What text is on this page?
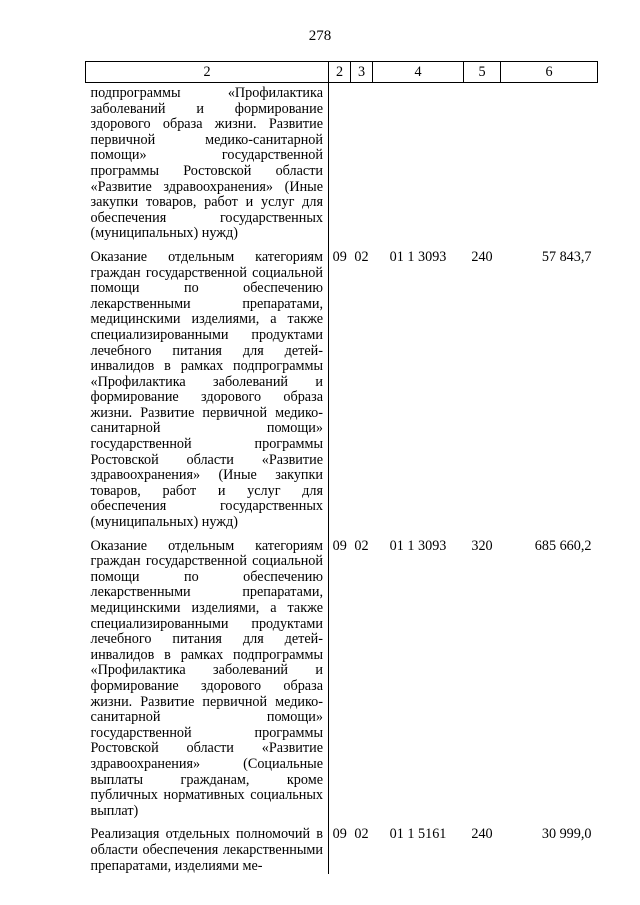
278
2	2	3	4	5	6
подпрограммы «Профилактика заболеваний и формирование здорового образа жизни. Развитие первичной медико-санитарной помощи» государственной программы Ростовской области «Развитие здравоохранения» (Иные закупки товаров, работ и услуг для обеспечения государственных (муниципальных) нужд)					
Оказание отдельным категориям граждан государственной социальной помощи по обеспечению лекарственными препаратами, медицинскими изделиями, а также специализированными продуктами лечебного питания для детей-инвалидов в рамках подпрограммы «Профилактика заболеваний и формирование здорового образа жизни. Развитие первичной медико-санитарной помощи» государственной программы Ростовской области «Развитие здравоохранения» (Иные закупки товаров, работ и услуг для обеспечения государственных (муниципальных) нужд)	09	02	01 1 3093	240	57 843,7
Оказание отдельным категориям граждан государственной социальной помощи по обеспечению лекарственными препаратами, медицинскими изделиями, а также специализированными продуктами лечебного питания для детей-инвалидов в рамках подпрограммы «Профилактика заболеваний и формирование здорового образа жизни. Развитие первичной медико-санитарной помощи» государственной программы Ростовской области «Развитие здравоохранения» (Социальные выплаты гражданам, кроме публичных нормативных социальных выплат)	09	02	01 1 3093	320	685 660,2
Реализация отдельных полномочий в области обеспечения лекарственными препаратами, изделиями ме-	09	02	01 1 5161	240	30 999,0
